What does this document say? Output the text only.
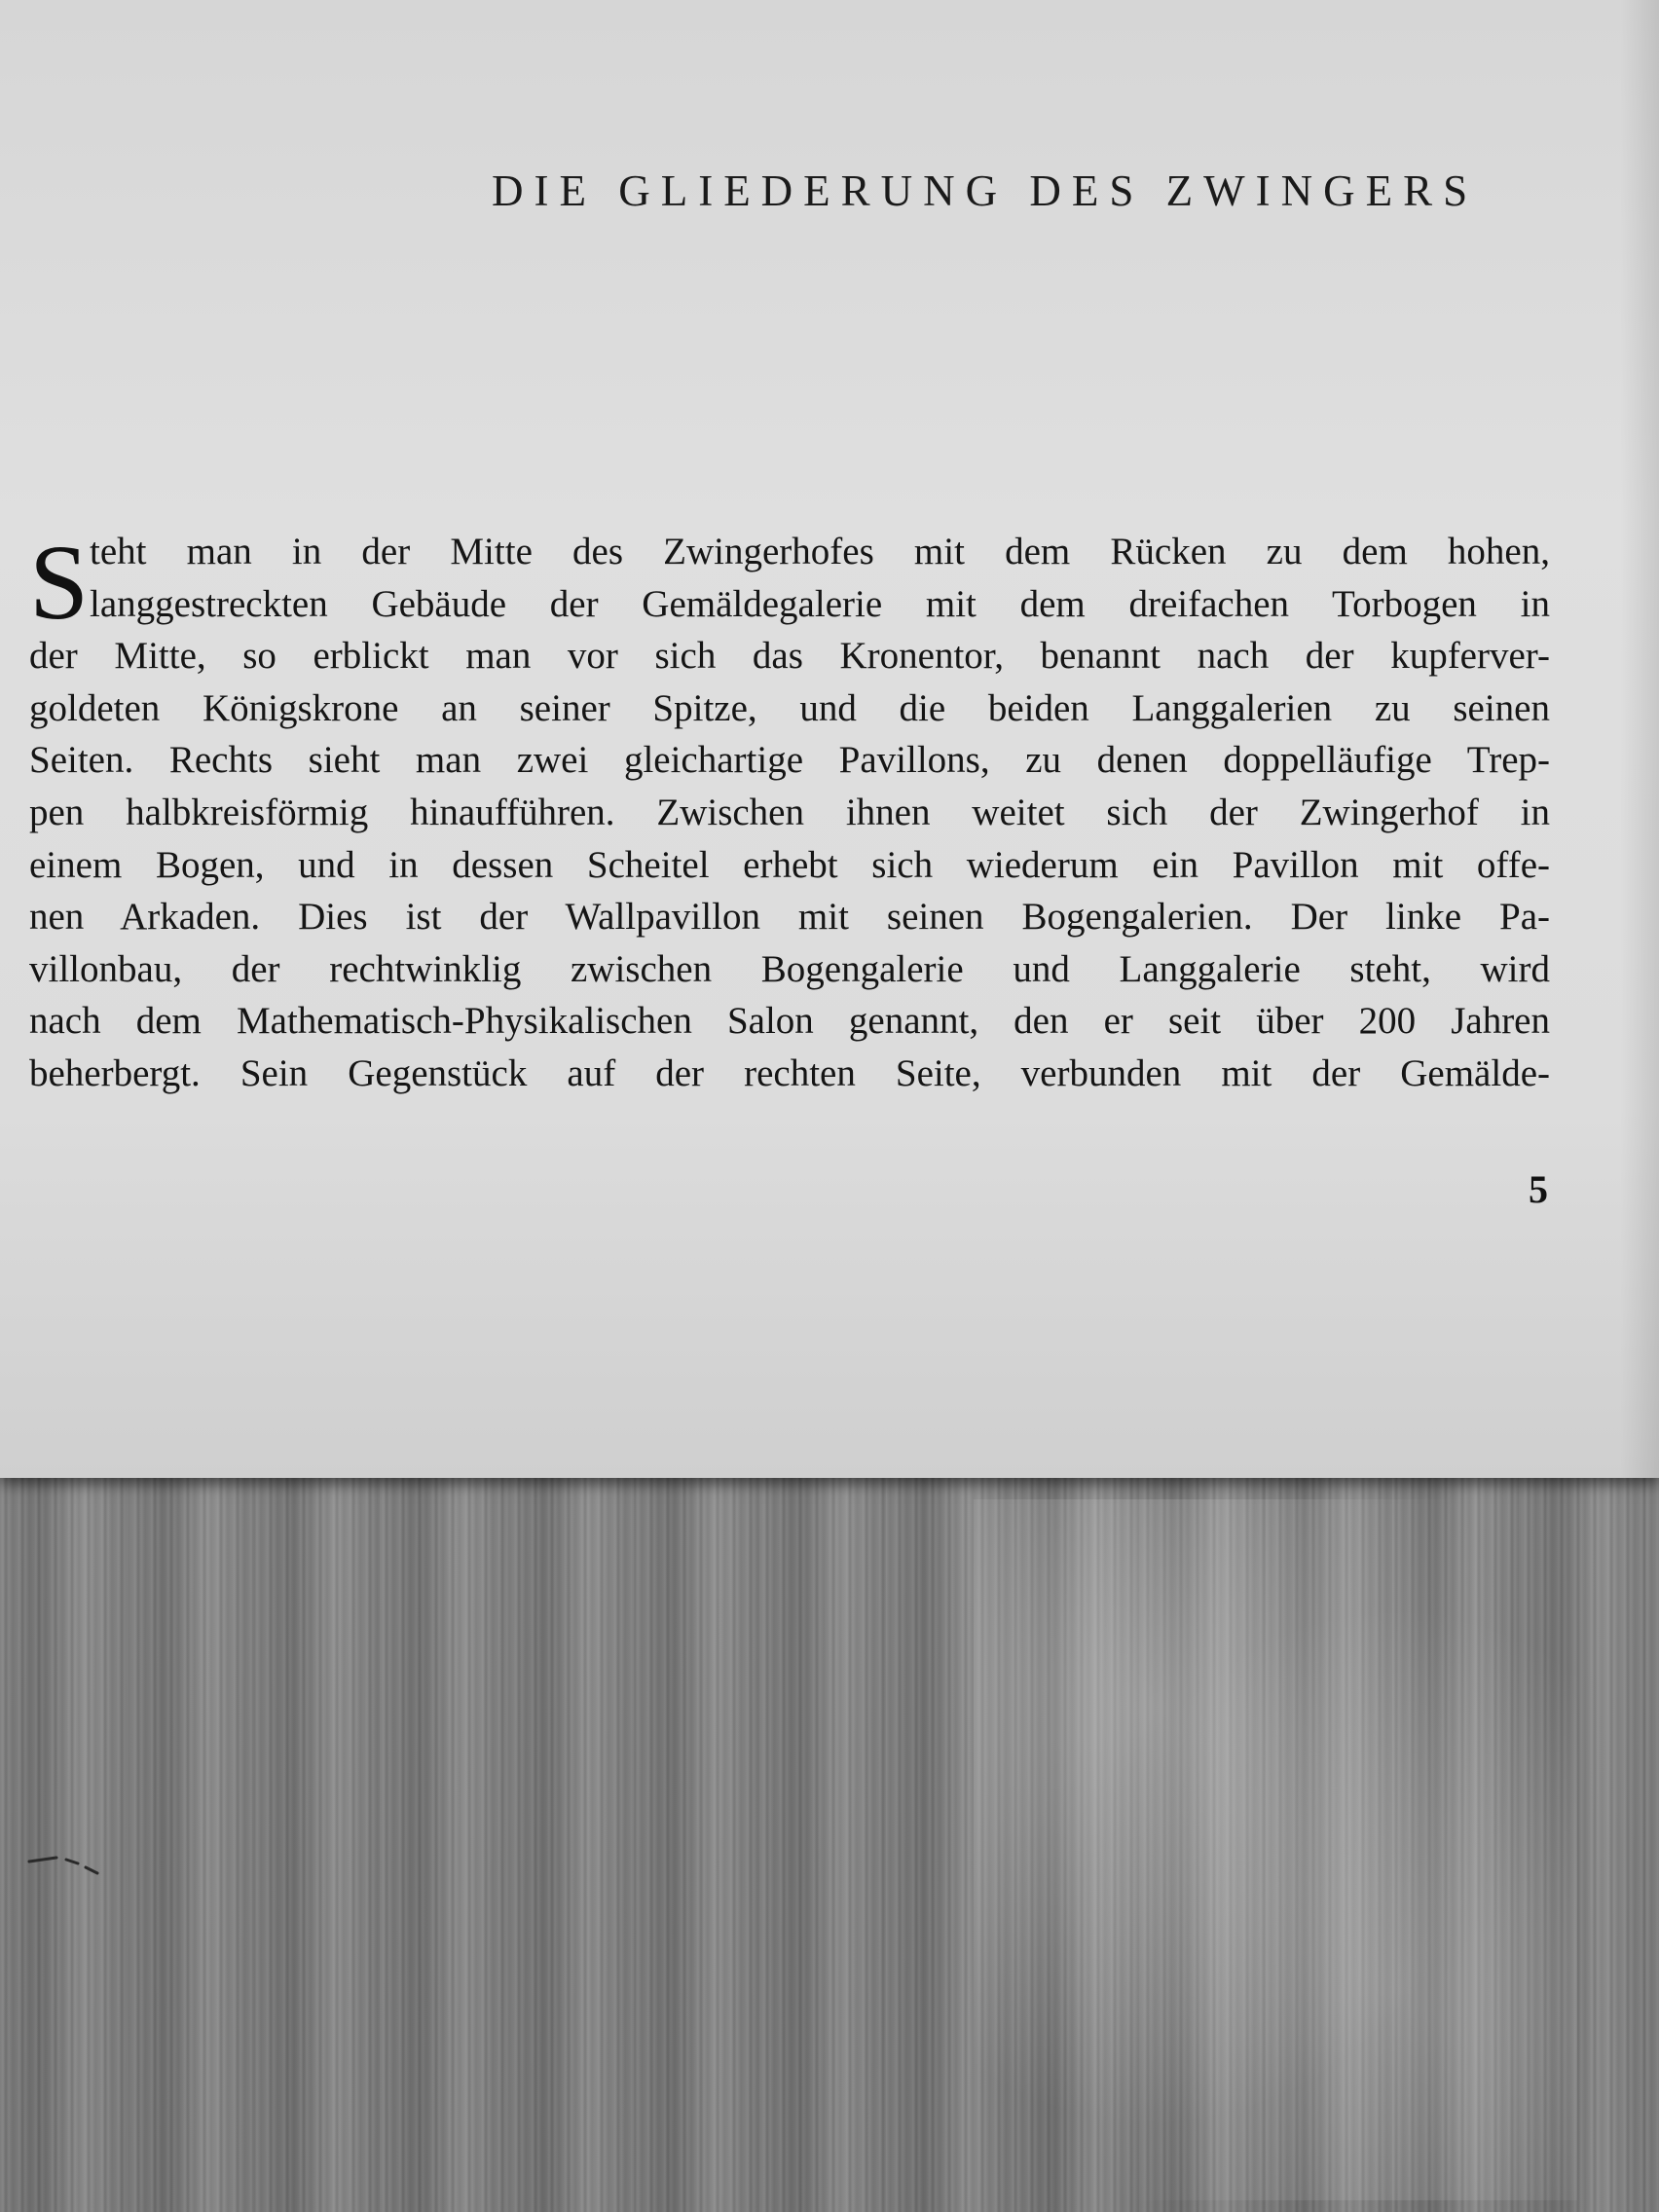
DIE GLIEDERUNG DES ZWINGERS
S teht man in der Mitte des Zwingerhofes mit dem Rücken zu dem hohen,
langgestreckten Gebäude der Gemäldegalerie mit dem dreifachen Torbogen in
der Mitte, so erblickt man vor sich das Kronentor, benannt nach der kupferver-
goldeten Königskrone an seiner Spitze, und die beiden Langgalerien zu seinen
Seiten. Rechts sieht man zwei gleichartige Pavillons, zu denen doppelläufige Trep-
pen halbkreisförmig hinaufführen. Zwischen ihnen weitet sich der Zwingerhof in
einem Bogen, und in dessen Scheitel erhebt sich wiederum ein Pavillon mit offe-
nen Arkaden. Dies ist der Wallpavillon mit seinen Bogengalerien. Der linke Pa-
villonbau, der rechtwinklig zwischen Bogengalerie und Langgalerie steht, wird
nach dem Mathematisch-Physikalischen Salon genannt, den er seit über 200 Jahren
beherbergt. Sein Gegenstück auf der rechten Seite, verbunden mit der Gemälde-
5
